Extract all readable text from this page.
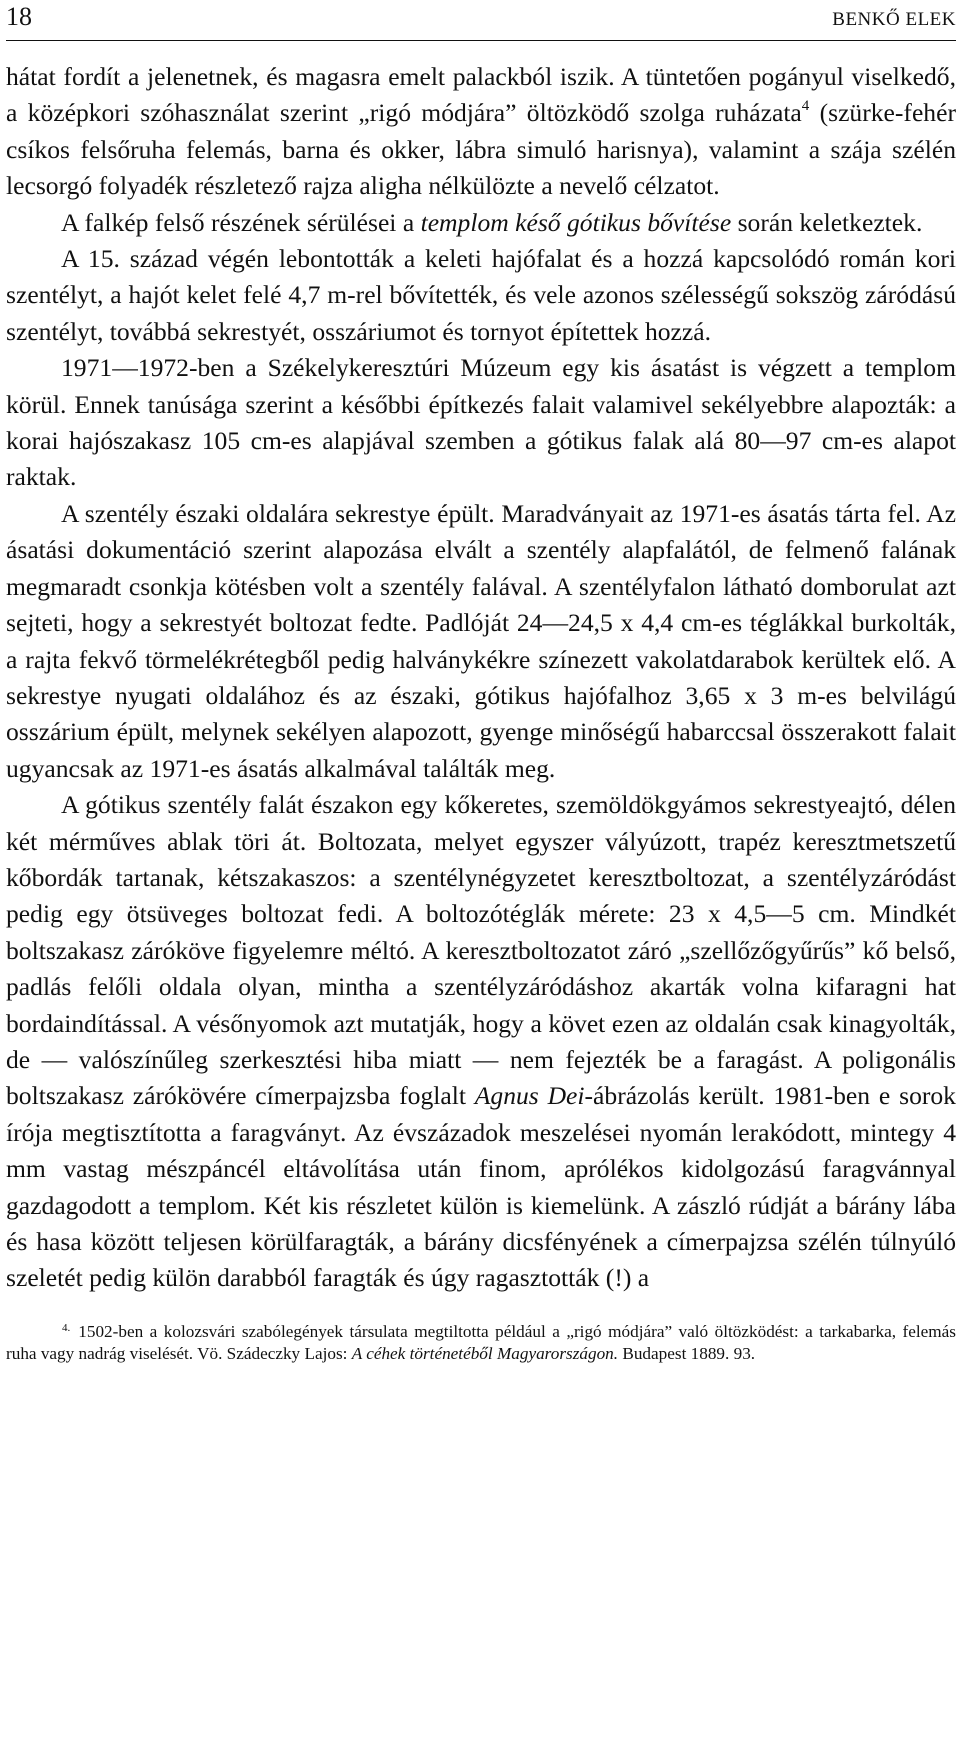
18	BENKŐ ELEK

hátat fordít a jelenetnek, és magasra emelt palackból iszik. A tüntetően pogányul viselkedő, a középkori szóhasználat szerint „rigó módjára” öltözködő szolga ruházata$^4$ (szürke-fehér csíkos felsőruha felemás, barna és okker, lábra simuló harisnya), valamint a szája szélén lecsorgó folyadék részletező rajza aligha nélkülözte a nevelő célzatot.

A falkép felső részének sérülései a templom késő gótikus bővítése során keletkeztek.

A 15. század végén lebontották a keleti hajófalat és a hozzá kapcsolódó román kori szentélyt, a hajót kelet felé 4,7 m-rel bővítették, és vele azonos szélességű sokszög záródású szentélyt, továbbá sekrestyét, osszáriumot és tornyot építettek hozzá.

1971—1972-ben a Székelykeresztúri Múzeum egy kis ásatást is végzett a templom körül. Ennek tanúsága szerint a későbbi építkezés falait valamivel sekélyebbre alapozták: a korai hajószakasz 105 cm-es alapjával szemben a gótikus falak alá 80—97 cm-es alapot raktak.

A szentély északi oldalára sekrestye épült. Maradványait az 1971-es ásatás tárta fel. Az ásatási dokumentáció szerint alapozása elvált a szentély alapfalától, de felmenő falának megmaradt csonkja kötésben volt a szentély falával. A szentélyfalon látható domborulat azt sejteti, hogy a sekrestyét boltozat fedte. Padlóját 24—24,5 x 4,4 cm-es téglákkal burkolták, a rajta fekvő törmelékrétegből pedig halványkékre színezett vakolatdarabok kerültek elő. A sekrestye nyugati oldalához és az északi, gótikus hajófalhoz 3,65 x 3 m-es belvilágú osszárium épült, melynek sekélyen alapozott, gyenge minőségű habarccsal összerakott falait ugyancsak az 1971-es ásatás alkalmával találták meg.

A gótikus szentély falát északon egy kőkeretes, szemöldökgyámos sekrestyeajtó, délen két mérműves ablak töri át. Boltozata, melyet egyszer vályúzott, trapéz keresztmetszetű kőbordák tartanak, kétszakaszos: a szentélynégyzetet keresztboltozat, a szentélyzáródást pedig egy ötsüveges boltozat fedi. A boltozótéglák mérete: 23 x 4,5—5 cm. Mindkét boltszakasz záróköve figyelemre méltó. A keresztboltozatot záró „szellőzőgyűrűs” kő belső, padlás felőli oldala olyan, mintha a szentélyzáródáshoz akarták volna kifaragni hat bordaindítással. A vésőnyomok azt mutatják, hogy a követ ezen az oldalán csak kinagyolták, de — valószínűleg szerkesztési hiba miatt — nem fejezték be a faragást. A poligonális boltszakasz zárókövére címerpajzsba foglalt Agnus Dei-ábrázolás került. 1981-ben e sorok írója megtisztította a faragványt. Az évszázadok meszelései nyomán lerakódott, mintegy 4 mm vastag mészpáncél eltávolítása után finom, aprólékos kidolgozású faragvánnyal gazdagodott a templom. Két kis részletet külön is kiemelünk. A zászló rúdját a bárány lába és hasa között teljesen körülfaragták, a bárány dicsfényének a címerpajzsa szélén túlnyúló szeletét pedig külön darabból faragták és úgy ragasztották (!) a

4. 1502-ben a kolozsvári szabólegények társulata megtiltotta például a „rigó módjára” való öltözködést: a tarkabarka, felemás ruha vagy nadrág viselését. Vö. Szádeczky Lajos: A céhek történetéből Magyarországon. Budapest 1889. 93.
